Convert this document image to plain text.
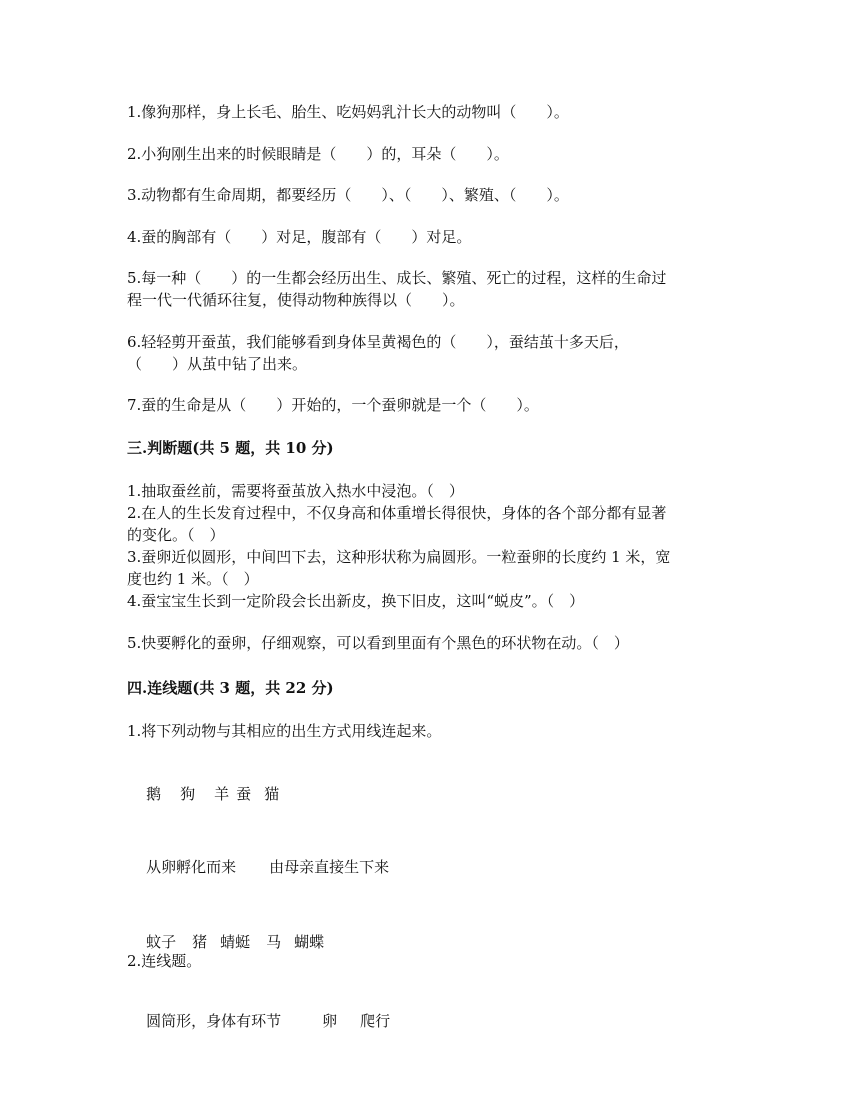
1.像狗那样，身上长毛、胎生、吃妈妈乳汁长大的动物叫（　　）。
2.小狗刚生出来的时候眼睛是（　　）的，耳朵（　　）。
3.动物都有生命周期，都要经历（　　）、（　　）、繁殖、（　　）。
4.蚕的胸部有（　　）对足，腹部有（　　）对足。
5.每一种（　　）的一生都会经历出生、成长、繁殖、死亡的过程，这样的生命过
程一代一代循环往复，使得动物种族得以（　　）。
6.轻轻剪开蚕茧，我们能够看到身体呈黄褐色的（　　），蚕结茧十多天后，
（　　）从茧中钻了出来。
7.蚕的生命是从（　　）开始的，一个蚕卵就是一个（　　）。
三.判断题(共 5 题，共 10 分)
1.抽取蚕丝前，需要将蚕茧放入热水中浸泡。（　）
2.在人的生长发育过程中，不仅身高和体重增长得很快，身体的各个部分都有显著
的变化。（　）
3.蚕卵近似圆形，中间凹下去，这种形状称为扁圆形。一粒蚕卵的长度约 1 米，宽
度也约 1 米。（　）
4.蚕宝宝生长到一定阶段会长出新皮，换下旧皮，这叫“蜕皮”。（　）
5.快要孵化的蚕卵，仔细观察，可以看到里面有个黑色的环状物在动。（　）
四.连线题(共 3 题，共 22 分)
1.将下列动物与其相应的出生方式用线连起来。

鹅 狗 羊 蚕 猫

从卵孵化而来 由母亲直接生下来

蚊子 猪 蜻蜓 马 蝴蝶

2.连线题。

圆筒形，身体有环节	卵 爬行
